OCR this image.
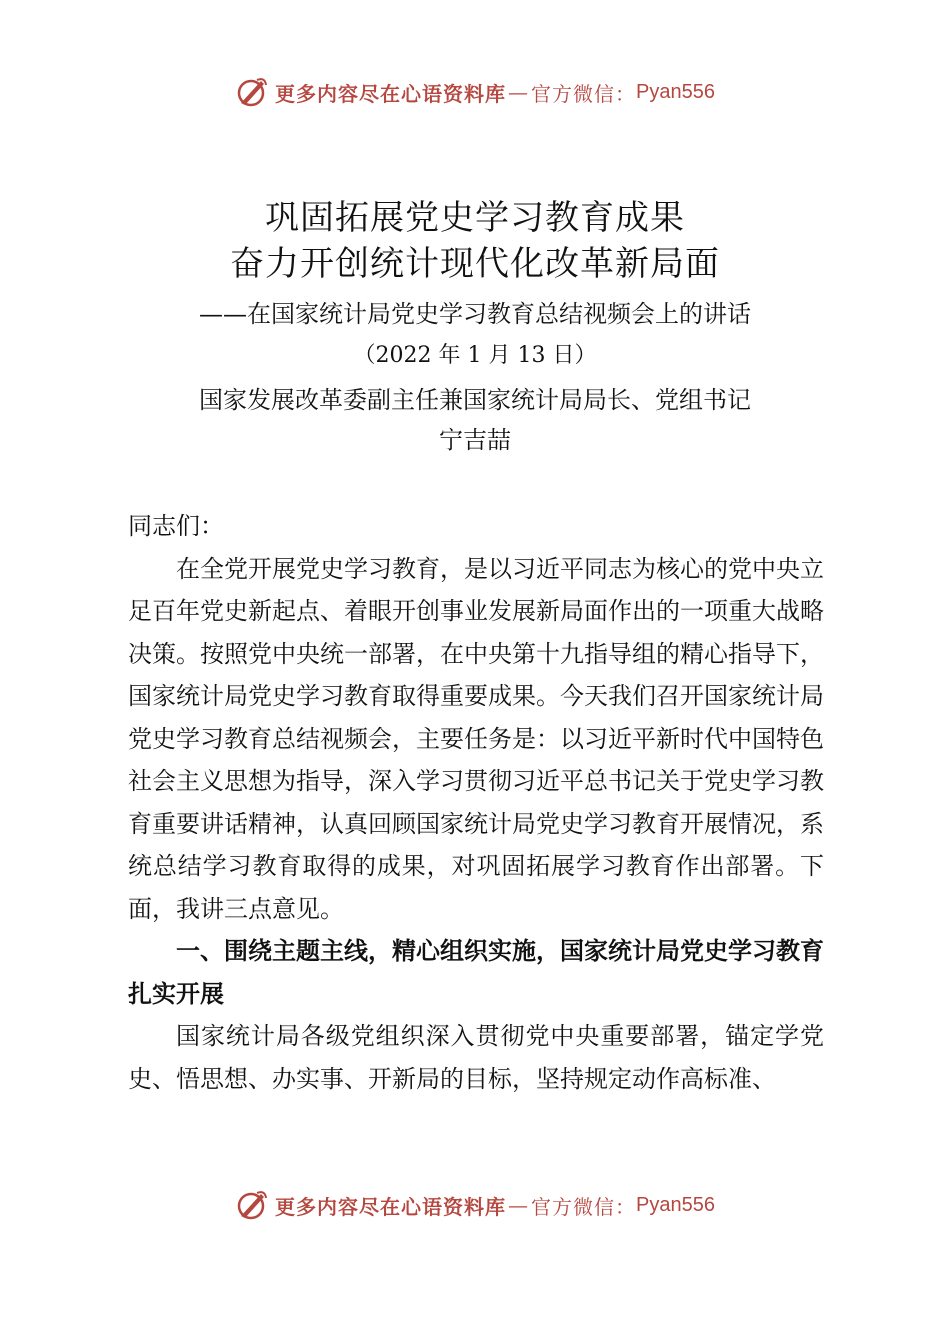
更多内容尽在心语资料库 — 官方微信： Pyan556
巩固拓展党史学习教育成果
奋力开创统计现代化改革新局面
——在国家统计局党史学习教育总结视频会上的讲话
（2022 年 1 月 13 日）
国家发展改革委副主任兼国家统计局局长、党组书记
宁吉喆

同志们：

在全党开展党史学习教育，是以习近平同志为核心的党中央立足百年党史新起点、着眼开创事业发展新局面作出的一项重大战略决策。按照党中央统一部署，在中央第十九指导组的精心指导下，国家统计局党史学习教育取得重要成果。今天我们召开国家统计局党史学习教育总结视频会，主要任务是：以习近平新时代中国特色社会主义思想为指导，深入学习贯彻习近平总书记关于党史学习教育重要讲话精神，认真回顾国家统计局党史学习教育开展情况，系统总结学习教育取得的成果，对巩固拓展学习教育作出部署。下面，我讲三点意见。

一、围绕主题主线，精心组织实施，国家统计局党史学习教育扎实开展

国家统计局各级党组织深入贯彻党中央重要部署，锚定学党史、悟思想、办实事、开新局的目标，坚持规定动作高标准、

更多内容尽在心语资料库 — 官方微信： Pyan556
